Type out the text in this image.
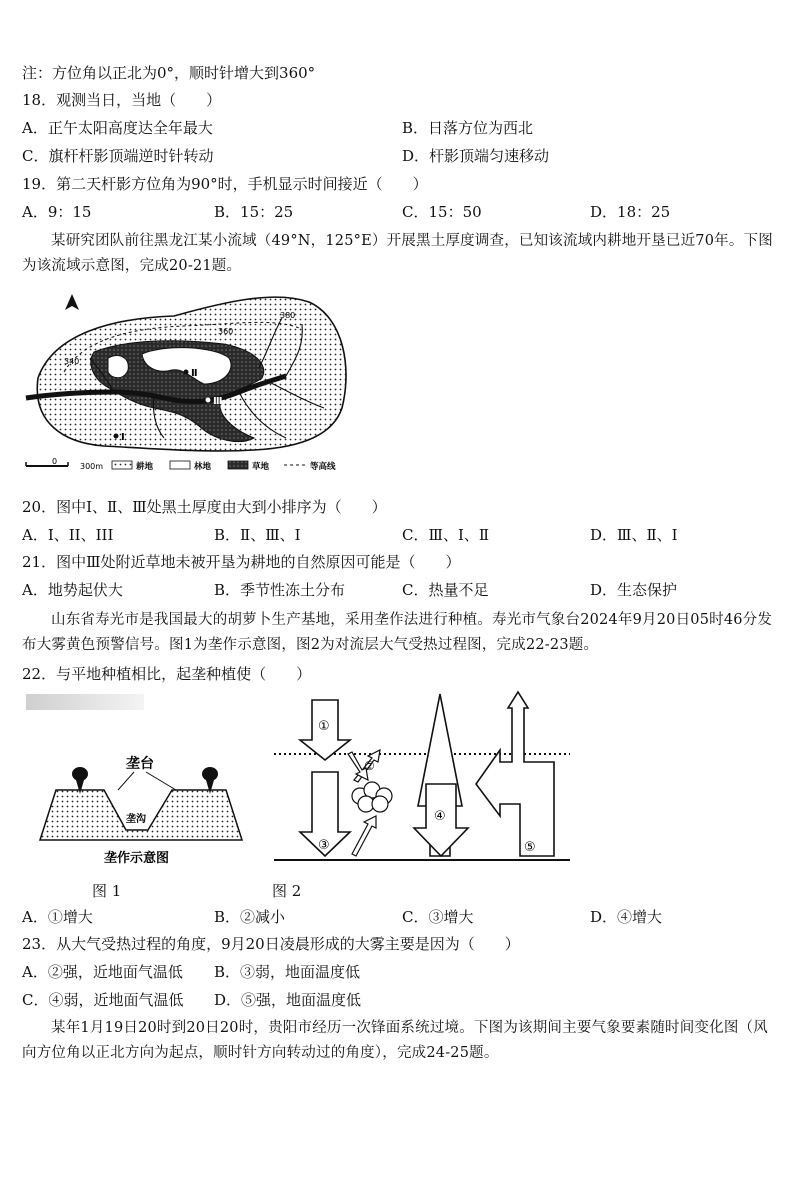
注：方位角以正北为0°，顺时针增大到360°
18．观测当日，当地（　　）
A．正午太阳高度达全年最大	B．日落方位为西北
C．旗杆杆影顶端逆时针转动	D．杆影顶端匀速移动
19．第二天杆影方位角为90°时，手机显示时间接近（　　）
A．9：15	B．15：25	C．15：50	D．18：25
某研究团队前往黑龙江某小流域（49°N，125°E）开展黑土厚度调查，已知该流域内耕地开垦已近70年。下图为该流域示意图，完成20-21题。
360
380
340
Ⅱ
Ⅲ
Ⅰ
0
300m	耕地	林地	草地	等高线
20．图中Ⅰ、Ⅱ、Ⅲ处黑土厚度由大到小排序为（　　）
A．Ⅰ、ⅠⅠ、ⅠⅠⅠ	B．Ⅱ、Ⅲ、Ⅰ	C．Ⅲ、Ⅰ、Ⅱ	D．Ⅲ、Ⅱ、Ⅰ
21．图中Ⅲ处附近草地未被开垦为耕地的自然原因可能是（　　）
A．地势起伏大	B．季节性冻土分布	C．热量不足	D．生态保护
山东省寿光市是我国最大的胡萝卜生产基地，采用垄作法进行种植。寿光市气象台2024年9月20日05时46分发布大雾黄色预警信号。图1为垄作示意图，图2为对流层大气受热过程图，完成22-23题。
22．与平地种植相比，起垄种植使（　　）
垄台
垄沟
垄作示意图
①
③
②
④
⑤
图 1	图 2
A．①增大	B．②减小	C．③增大	D．④增大
23．从大气受热过程的角度，9月20日凌晨形成的大雾主要是因为（　　）
A．②强，近地面气温低 B．③弱，地面温度低
C．④弱，近地面气温低 D．⑤强，地面温度低
某年1月19日20时到20日20时，贵阳市经历一次锋面系统过境。下图为该期间主要气象要素随时间变化图（风向方位角以正北方向为起点，顺时针方向转动过的角度），完成24-25题。
